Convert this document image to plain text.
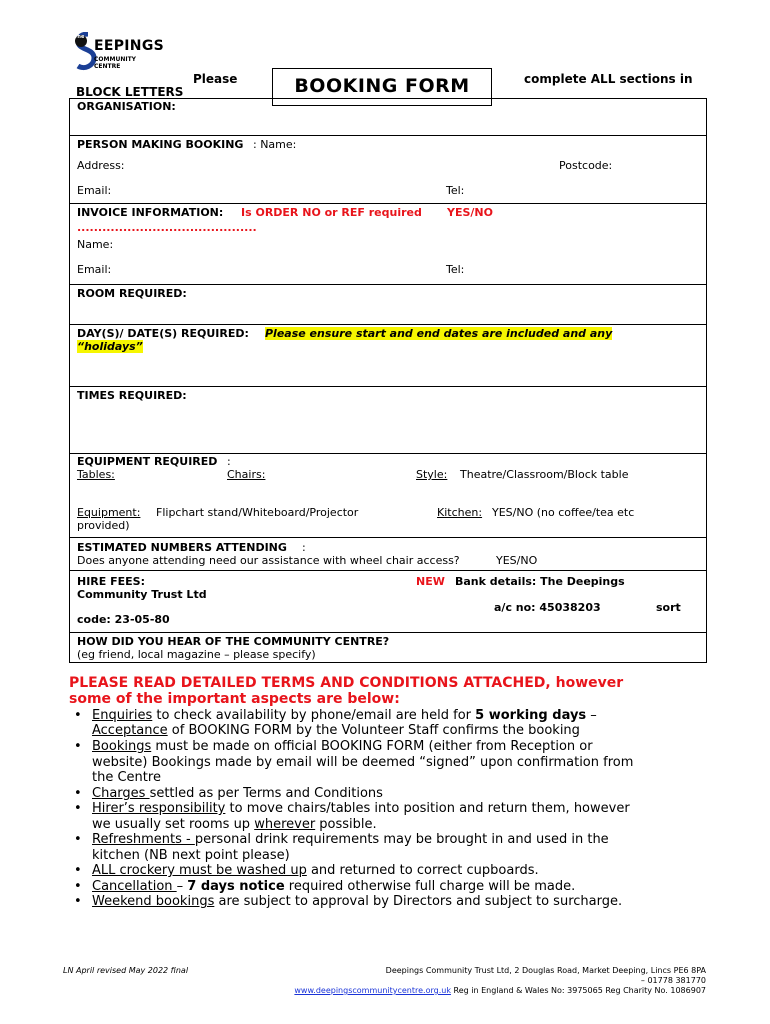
The
EEPINGS
COMMUNITY
CENTRE
Please
BLOCK LETTERS	BOOKING FORM	complete ALL sections in
ORGANISATION:
PERSON MAKING BOOKING : Name:
Address:	Postcode:
Email:	Tel:
INVOICE INFORMATION: Is ORDER NO or REF required YES/NO
...........................................
Name:
Email:	Tel:
ROOM REQUIRED:
DAY(S)/ DATE(S) REQUIRED: Please ensure start and end dates are included and any
“holidays”
TIMES REQUIRED:
EQUIPMENT REQUIRED :
Tables:	Chairs:	Style: Theatre/Classroom/Block table
Equipment: Flipchart stand/Whiteboard/Projector	Kitchen: YES/NO (no coffee/tea etc
provided)
ESTIMATED NUMBERS ATTENDING :
Does anyone attending need our assistance with wheel chair access?	YES/NO
HIRE FEES:	NEW Bank details: The Deepings
Community Trust Ltd
a/c no: 45038203	sort
code: 23-05-80
HOW DID YOU HEAR OF THE COMMUNITY CENTRE?
(eg friend, local magazine – please specify)
PLEASE READ DETAILED TERMS AND CONDITIONS ATTACHED, however
some of the important aspects are below:
• Enquiries to check availability by phone/email are held for 5 working days –
Acceptance of BOOKING FORM by the Volunteer Staff confirms the booking
• Bookings must be made on official BOOKING FORM (either from Reception or
website) Bookings made by email will be deemed “signed” upon confirmation from
the Centre
• Charges settled as per Terms and Conditions
• Hirer’s responsibility to move chairs/tables into position and return them, however
we usually set rooms up wherever possible.
• Refreshments - personal drink requirements may be brought in and used in the
kitchen (NB next point please)
• ALL crockery must be washed up and returned to correct cupboards.
• Cancellation – 7 days notice required otherwise full charge will be made.
• Weekend bookings are subject to approval by Directors and subject to surcharge.
LN April revised May 2022 final	Deepings Community Trust Ltd, 2 Douglas Road, Market Deeping, Lincs PE6 8PA
– 01778 381770
www.deepingscommunitycentre.org.uk Reg in England & Wales No: 3975065 Reg Charity No. 1086907
